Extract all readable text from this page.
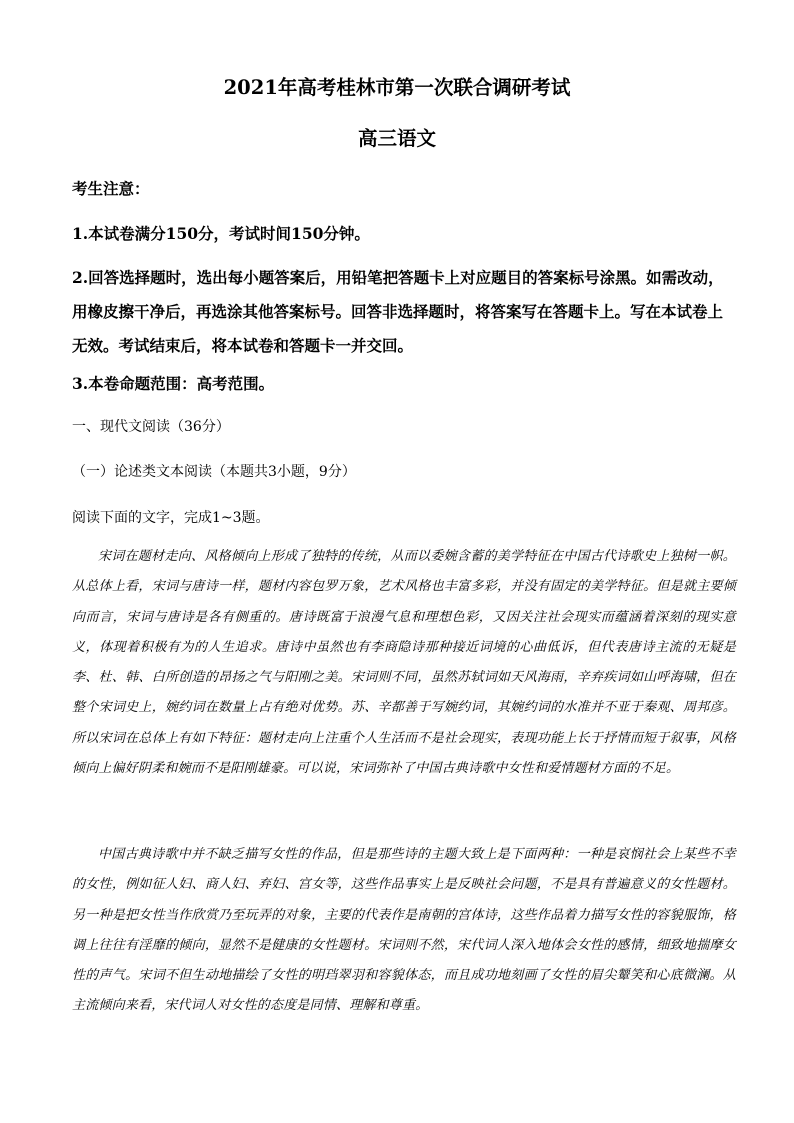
2021年高考桂林市第一次联合调研考试
高三语文

考生注意：

1.本试卷满分150分，考试时间150分钟。

2.回答选择题时，选出每小题答案后，用铅笔把答题卡上对应题目的答案标号涂黑。如需改动，用橡皮擦干净后，再选涂其他答案标号。回答非选择题时，将答案写在答题卡上。写在本试卷上无效。考试结束后，将本试卷和答题卡一并交回。

3.本卷命题范围：高考范围。

一、现代文阅读（36分）

（一）论述类文本阅读（本题共3小题，9分）

阅读下面的文字，完成1~3题。

宋词在题材走向、风格倾向上形成了独特的传统，从而以委婉含蓄的美学特征在中国古代诗歌史上独树一帜。从总体上看，宋词与唐诗一样，题材内容包罗万象，艺术风格也丰富多彩，并没有固定的美学特征。但是就主要倾向而言，宋词与唐诗是各有侧重的。唐诗既富于浪漫气息和理想色彩，又因关注社会现实而蕴涵着深刻的现实意义，体现着积极有为的人生追求。唐诗中虽然也有李商隐诗那种接近词境的心曲低诉，但代表唐诗主流的无疑是李、杜、韩、白所创造的昂扬之气与阳刚之美。宋词则不同，虽然苏轼词如天风海雨，辛弃疾词如山呼海啸，但在整个宋词史上，婉约词在数量上占有绝对优势。苏、辛都善于写婉约词，其婉约词的水准并不亚于秦观、周邦彦。所以宋词在总体上有如下特征：题材走向上注重个人生活而不是社会现实，表现功能上长于抒情而短于叙事，风格倾向上偏好阴柔和婉而不是阳刚雄豪。可以说，宋词弥补了中国古典诗歌中女性和爱情题材方面的不足。

中国古典诗歌中并不缺乏描写女性的作品，但是那些诗的主题大致上是下面两种：一种是哀悯社会上某些不幸的女性，例如征人妇、商人妇、弃妇、宫女等，这些作品事实上是反映社会问题，不是具有普遍意义的女性题材。另一种是把女性当作欣赏乃至玩弄的对象，主要的代表作是南朝的宫体诗，这些作品着力描写女性的容貌服饰，格调上往往有淫靡的倾向，显然不是健康的女性题材。宋词则不然，宋代词人深入地体会女性的感情，细致地揣摩女性的声气。宋词不但生动地描绘了女性的明珰翠羽和容貌体态，而且成功地刻画了女性的眉尖颦笑和心底微澜。从主流倾向来看，宋代词人对女性的态度是同情、理解和尊重。
